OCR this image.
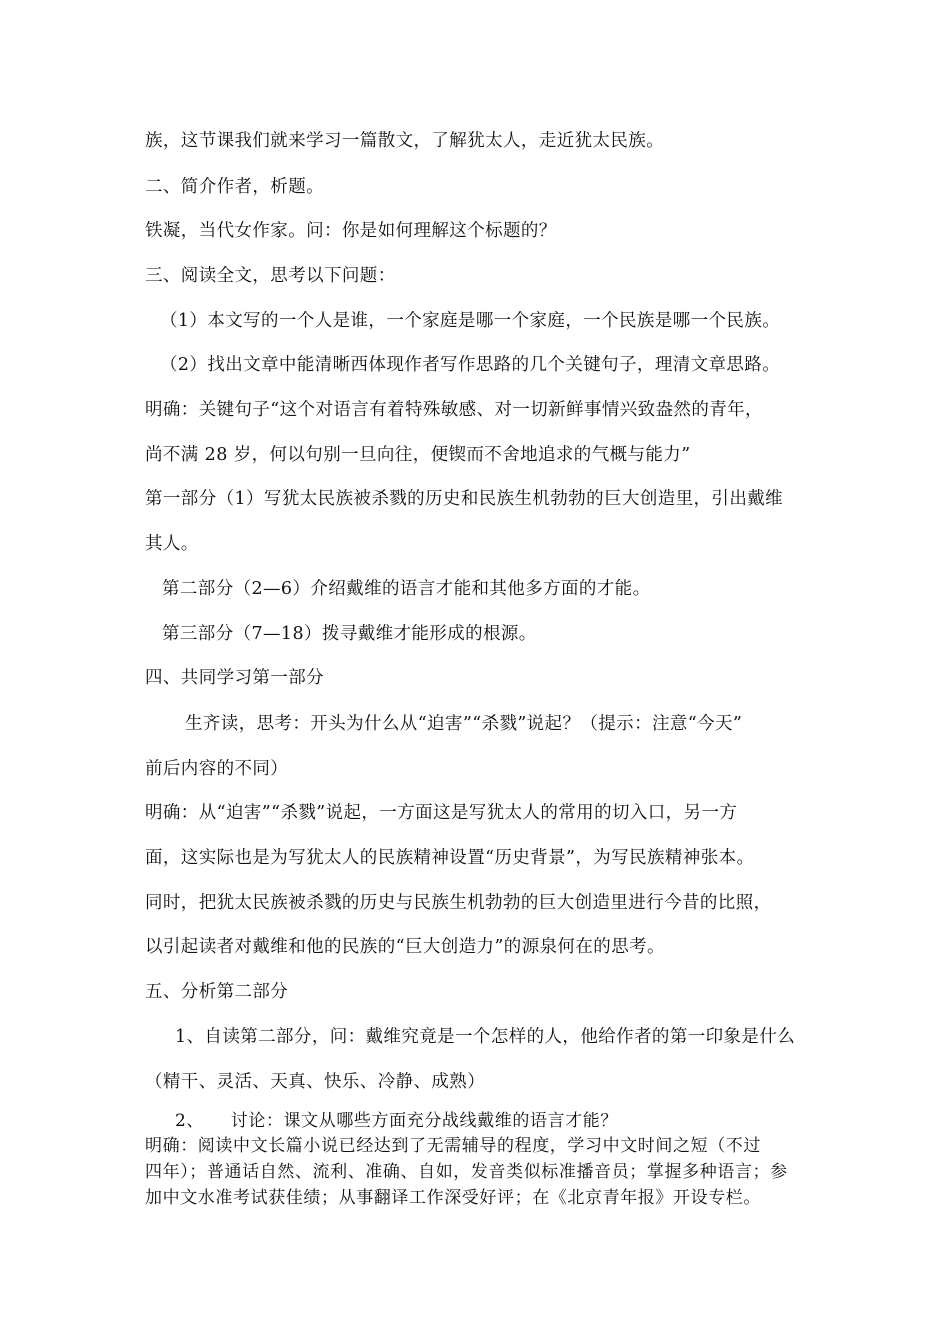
族，这节课我们就来学习一篇散文，了解犹太人，走近犹太民族。
二、简介作者，析题。
铁凝，当代女作家。问：你是如何理解这个标题的？
三、阅读全文，思考以下问题：
（1）本文写的一个人是谁，一个家庭是哪一个家庭，一个民族是哪一个民族。
（2）找出文章中能清晰西体现作者写作思路的几个关键句子，理清文章思路。
明确：关键句子“这个对语言有着特殊敏感、对一切新鲜事情兴致盎然的青年，
尚不满 28 岁，何以句别一旦向往，便锲而不舍地追求的气概与能力”
第一部分（1）写犹太民族被杀戮的历史和民族生机勃勃的巨大创造里，引出戴维
其人。
第二部分（2—6）介绍戴维的语言才能和其他多方面的才能。
第三部分（7—18）拨寻戴维才能形成的根源。
四、共同学习第一部分
生齐读，思考：开头为什么从“迫害”“杀戮”说起？（提示：注意“今天”
前后内容的不同）
明确：从“迫害”“杀戮”说起，一方面这是写犹太人的常用的切入口，另一方
面，这实际也是为写犹太人的民族精神设置“历史背景”，为写民族精神张本。
同时，把犹太民族被杀戮的历史与民族生机勃勃的巨大创造里进行今昔的比照，
以引起读者对戴维和他的民族的“巨大创造力”的源泉何在的思考。
五、分析第二部分
1、自读第二部分，问：戴维究竟是一个怎样的人，他给作者的第一印象是什么
（精干、灵活、天真、快乐、冷静、成熟）
2、　　讨论：课文从哪些方面充分战线戴维的语言才能？
明确：阅读中文长篇小说已经达到了无需辅导的程度，学习中文时间之短（不过
四年）；普通话自然、流利、准确、自如，发音类似标准播音员；掌握多种语言；参
加中文水准考试获佳绩；从事翻译工作深受好评；在《北京青年报》开设专栏。
